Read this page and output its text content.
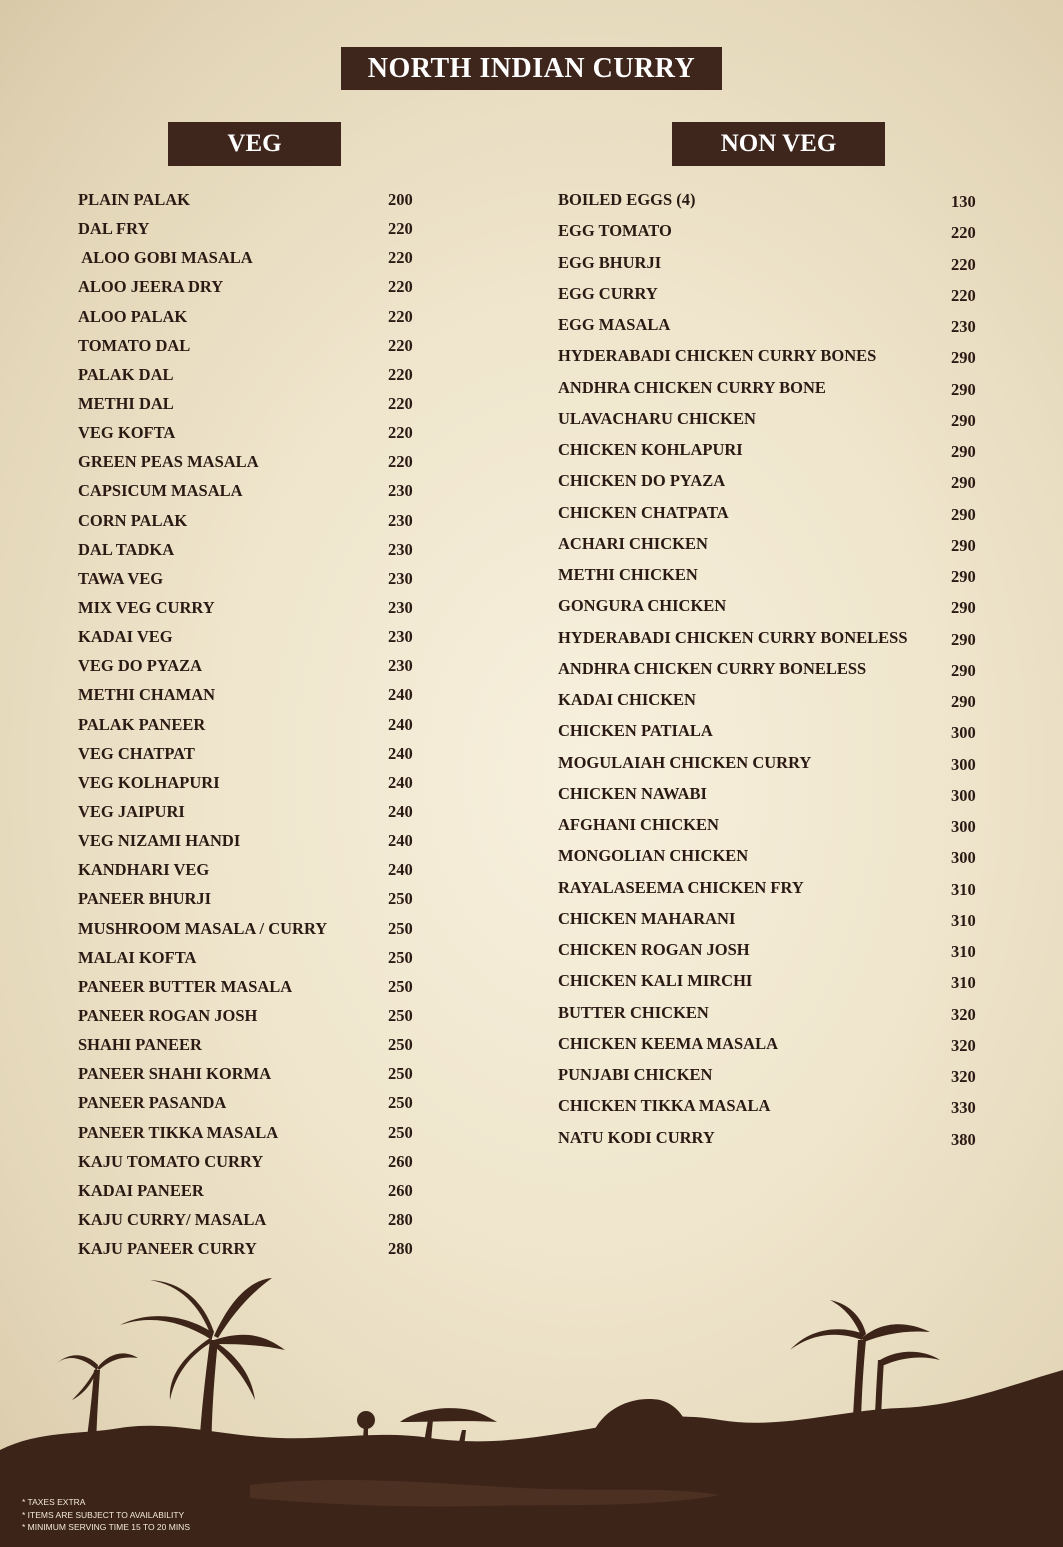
NORTH INDIAN CURRY
VEG	NON VEG
PLAIN PALAK	200
DAL FRY	220
ALOO GOBI MASALA	220
ALOO JEERA DRY	220
ALOO PALAK	220
TOMATO DAL	220
PALAK DAL	220
METHI DAL	220
VEG KOFTA	220
GREEN PEAS MASALA	220
CAPSICUM MASALA	230
CORN PALAK	230
DAL TADKA	230
TAWA VEG	230
MIX VEG CURRY	230
KADAI VEG	230
VEG DO PYAZA	230
METHI CHAMAN	240
PALAK PANEER	240
VEG CHATPAT	240
VEG KOLHAPURI	240
VEG JAIPURI	240
VEG NIZAMI HANDI	240
KANDHARI VEG	240
PANEER BHURJI	250
MUSHROOM MASALA / CURRY	250
MALAI KOFTA	250
PANEER BUTTER MASALA	250
PANEER ROGAN JOSH	250
SHAHI PANEER	250
PANEER SHAHI KORMA	250
PANEER PASANDA	250
PANEER TIKKA MASALA	250
KAJU TOMATO CURRY	260
KADAI PANEER	260
KAJU CURRY/ MASALA	280
KAJU PANEER CURRY	280
BOILED EGGS (4)	130
EGG TOMATO	220
EGG BHURJI	220
EGG CURRY	220
EGG MASALA	230
HYDERABADI CHICKEN CURRY BONES	290
ANDHRA CHICKEN CURRY BONE	290
ULAVACHARU CHICKEN	290
CHICKEN KOHLAPURI	290
CHICKEN DO PYAZA	290
CHICKEN CHATPATA	290
ACHARI CHICKEN	290
METHI CHICKEN	290
GONGURA CHICKEN	290
HYDERABADI CHICKEN CURRY BONELESS	290
ANDHRA CHICKEN CURRY BONELESS	290
KADAI CHICKEN	290
CHICKEN PATIALA	300
MOGULAIAH CHICKEN CURRY	300
CHICKEN NAWABI	300
AFGHANI CHICKEN	300
MONGOLIAN CHICKEN	300
RAYALASEEMA CHICKEN FRY	310
CHICKEN MAHARANI	310
CHICKEN ROGAN JOSH	310
CHICKEN KALI MIRCHI	310
BUTTER CHICKEN	320
CHICKEN KEEMA MASALA	320
PUNJABI CHICKEN	320
CHICKEN TIKKA MASALA	330
NATU KODI CURRY	380
* TAXES EXTRA
* ITEMS ARE SUBJECT TO AVAILABILITY
* MINIMUM SERVING TIME 15 TO 20 MINS
